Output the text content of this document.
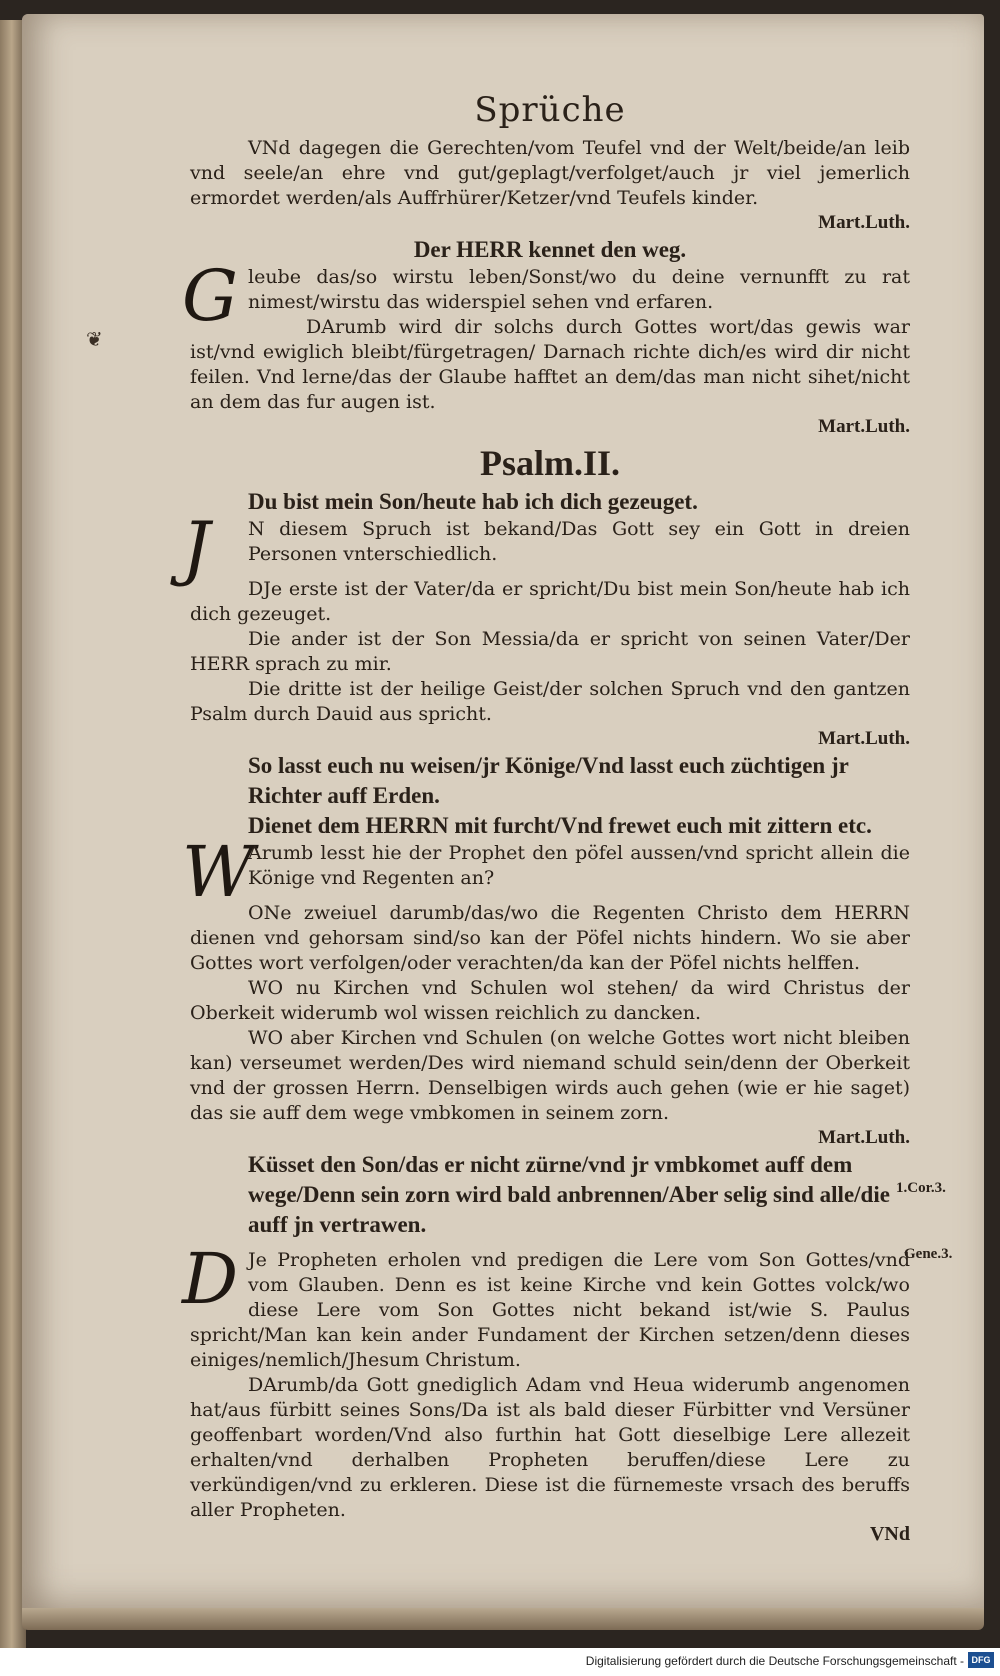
❦
1.Cor.3.
Gene.3.
Sprüche

VNd dagegen die Gerechten/vom Teufel vnd der Welt/beide/an leib vnd seele/an ehre vnd gut/geplagt/verfolget/auch jr viel jemerlich ermordet werden/als Auffrhürer/Ketzer/vnd Teufels kinder.

Mart.Luth.

Der HERR kennet den weg.

Gleube das/so wirstu leben/Sonst/wo du deine vernunfft zu rat nimest/wirstu das widerspiel sehen vnd erfaren.

DArumb wird dir solchs durch Gottes wort/das gewis war ist/vnd ewiglich bleibt/fürgetragen/ Darnach richte dich/es wird dir nicht feilen. Vnd lerne/das der Glaube hafftet an dem/das man nicht sihet/nicht an dem das fur augen ist.

Mart.Luth.

Psalm.II.

Du bist mein Son/heute hab ich dich gezeuget.

J	N diesem Spruch ist bekand/Das Gott sey ein Gott in dreien Personen vnterschiedlich.

DJe erste ist der Vater/da er spricht/Du bist mein Son/heute hab ich dich gezeuget.

Die ander ist der Son Messia/da er spricht von seinen Vater/Der HERR sprach zu mir.

Die dritte ist der heilige Geist/der solchen Spruch vnd den gantzen Psalm durch Dauid aus spricht.

Mart.Luth.

So lasst euch nu weisen/jr Könige/Vnd lasst euch züchtigen jr Richter auff Erden.

Dienet dem HERRN mit furcht/Vnd frewet euch mit zittern etc.

W
Arumb lesst hie der Prophet den pöfel aussen/vnd spricht allein die Könige vnd Regenten an?

ONe zweiuel darumb/das/wo die Regenten Christo dem HERRN dienen vnd gehorsam sind/so kan der Pöfel nichts hindern. Wo sie aber Gottes wort verfolgen/oder verachten/da kan der Pöfel nichts helffen.

WO nu Kirchen vnd Schulen wol stehen/ da wird Christus der Oberkeit widerumb wol wissen reichlich zu dancken.

WO aber Kirchen vnd Schulen (on welche Gottes wort nicht bleiben kan) verseumet werden/Des wird niemand schuld sein/denn der Oberkeit vnd der grossen Herrn. Denselbigen wirds auch gehen (wie er hie saget) das sie auff dem wege vmbkomen in seinem zorn.

Mart.Luth.

Küsset den Son/das er nicht zürne/vnd jr vmbkomet auff dem wege/Denn sein zorn wird bald anbrennen/Aber selig sind alle/die auff jn vertrawen.

D Je Propheten erholen vnd predigen die Lere vom Son Gottes/vnd vom Glauben. Denn es ist keine Kirche vnd kein Gottes volck/wo diese Lere vom Son Gottes nicht bekand ist/wie S. Paulus spricht/Man kan kein ander Fundament der Kirchen setzen/denn dieses einiges/nemlich/Jhesum Christum.

DArumb/da Gott gnediglich Adam vnd Heua widerumb angenomen hat/aus fürbitt seines Sons/Da ist als bald dieser Fürbitter vnd Versüner geoffenbart worden/Vnd also furthin hat Gott dieselbige Lere allezeit erhalten/vnd derhalben Propheten beruffen/diese Lere zu verkündigen/vnd zu erkleren. Diese ist die fürnemeste vrsach des beruffs aller Propheten.

VNd

Digitalisierung gefördert durch die Deutsche Forschungsgemeinschaft - DFG
